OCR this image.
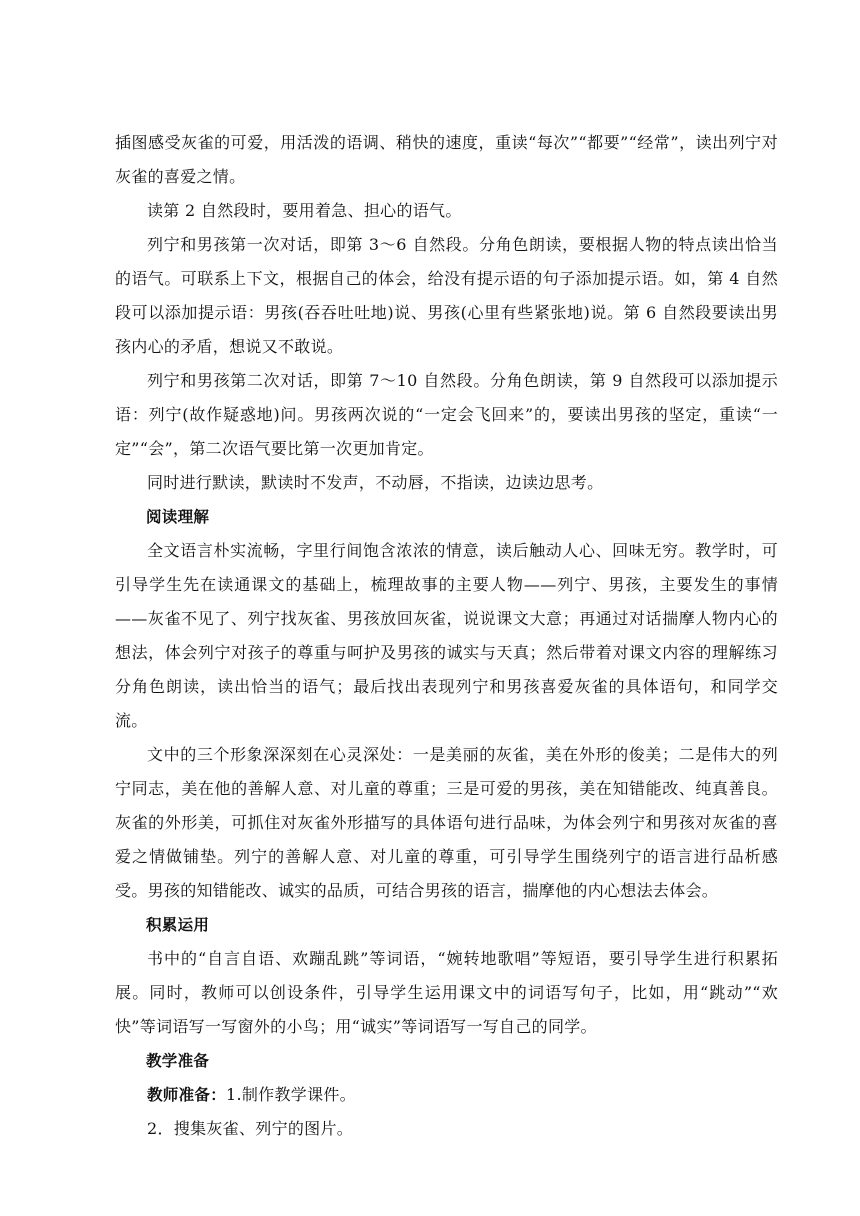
插图感受灰雀的可爱，用活泼的语调、稍快的速度，重读“每次”“都要”“经常”，读出列宁对灰雀的喜爱之情。

读第 2 自然段时，要用着急、担心的语气。

列宁和男孩第一次对话，即第 3～6 自然段。分角色朗读，要根据人物的特点读出恰当的语气。可联系上下文，根据自己的体会，给没有提示语的句子添加提示语。如，第 4 自然段可以添加提示语：男孩(吞吞吐吐地)说、男孩(心里有些紧张地)说。第 6 自然段要读出男孩内心的矛盾，想说又不敢说。

列宁和男孩第二次对话，即第 7～10 自然段。分角色朗读，第 9 自然段可以添加提示语：列宁(故作疑惑地)问。男孩两次说的“一定会飞回来”的，要读出男孩的坚定，重读“一定”“会”，第二次语气要比第一次更加肯定。

同时进行默读，默读时不发声，不动唇，不指读，边读边思考。

阅读理解

全文语言朴实流畅，字里行间饱含浓浓的情意，读后触动人心、回味无穷。教学时，可引导学生先在读通课文的基础上，梳理故事的主要人物——列宁、男孩，主要发生的事情——灰雀不见了、列宁找灰雀、男孩放回灰雀，说说课文大意；再通过对话揣摩人物内心的想法，体会列宁对孩子的尊重与呵护及男孩的诚实与天真；然后带着对课文内容的理解练习分角色朗读，读出恰当的语气；最后找出表现列宁和男孩喜爱灰雀的具体语句，和同学交流。

文中的三个形象深深刻在心灵深处：一是美丽的灰雀，美在外形的俊美；二是伟大的列宁同志，美在他的善解人意、对儿童的尊重；三是可爱的男孩，美在知错能改、纯真善良。灰雀的外形美，可抓住对灰雀外形描写的具体语句进行品味，为体会列宁和男孩对灰雀的喜爱之情做铺垫。列宁的善解人意、对儿童的尊重，可引导学生围绕列宁的语言进行品析感受。男孩的知错能改、诚实的品质，可结合男孩的语言，揣摩他的内心想法去体会。

积累运用

书中的“自言自语、欢蹦乱跳”等词语，“婉转地歌唱”等短语，要引导学生进行积累拓展。同时，教师可以创设条件，引导学生运用课文中的词语写句子，比如，用“跳动”“欢快”等词语写一写窗外的小鸟；用“诚实”等词语写一写自己的同学。

教学准备

教师准备：1.制作教学课件。

2．搜集灰雀、列宁的图片。
